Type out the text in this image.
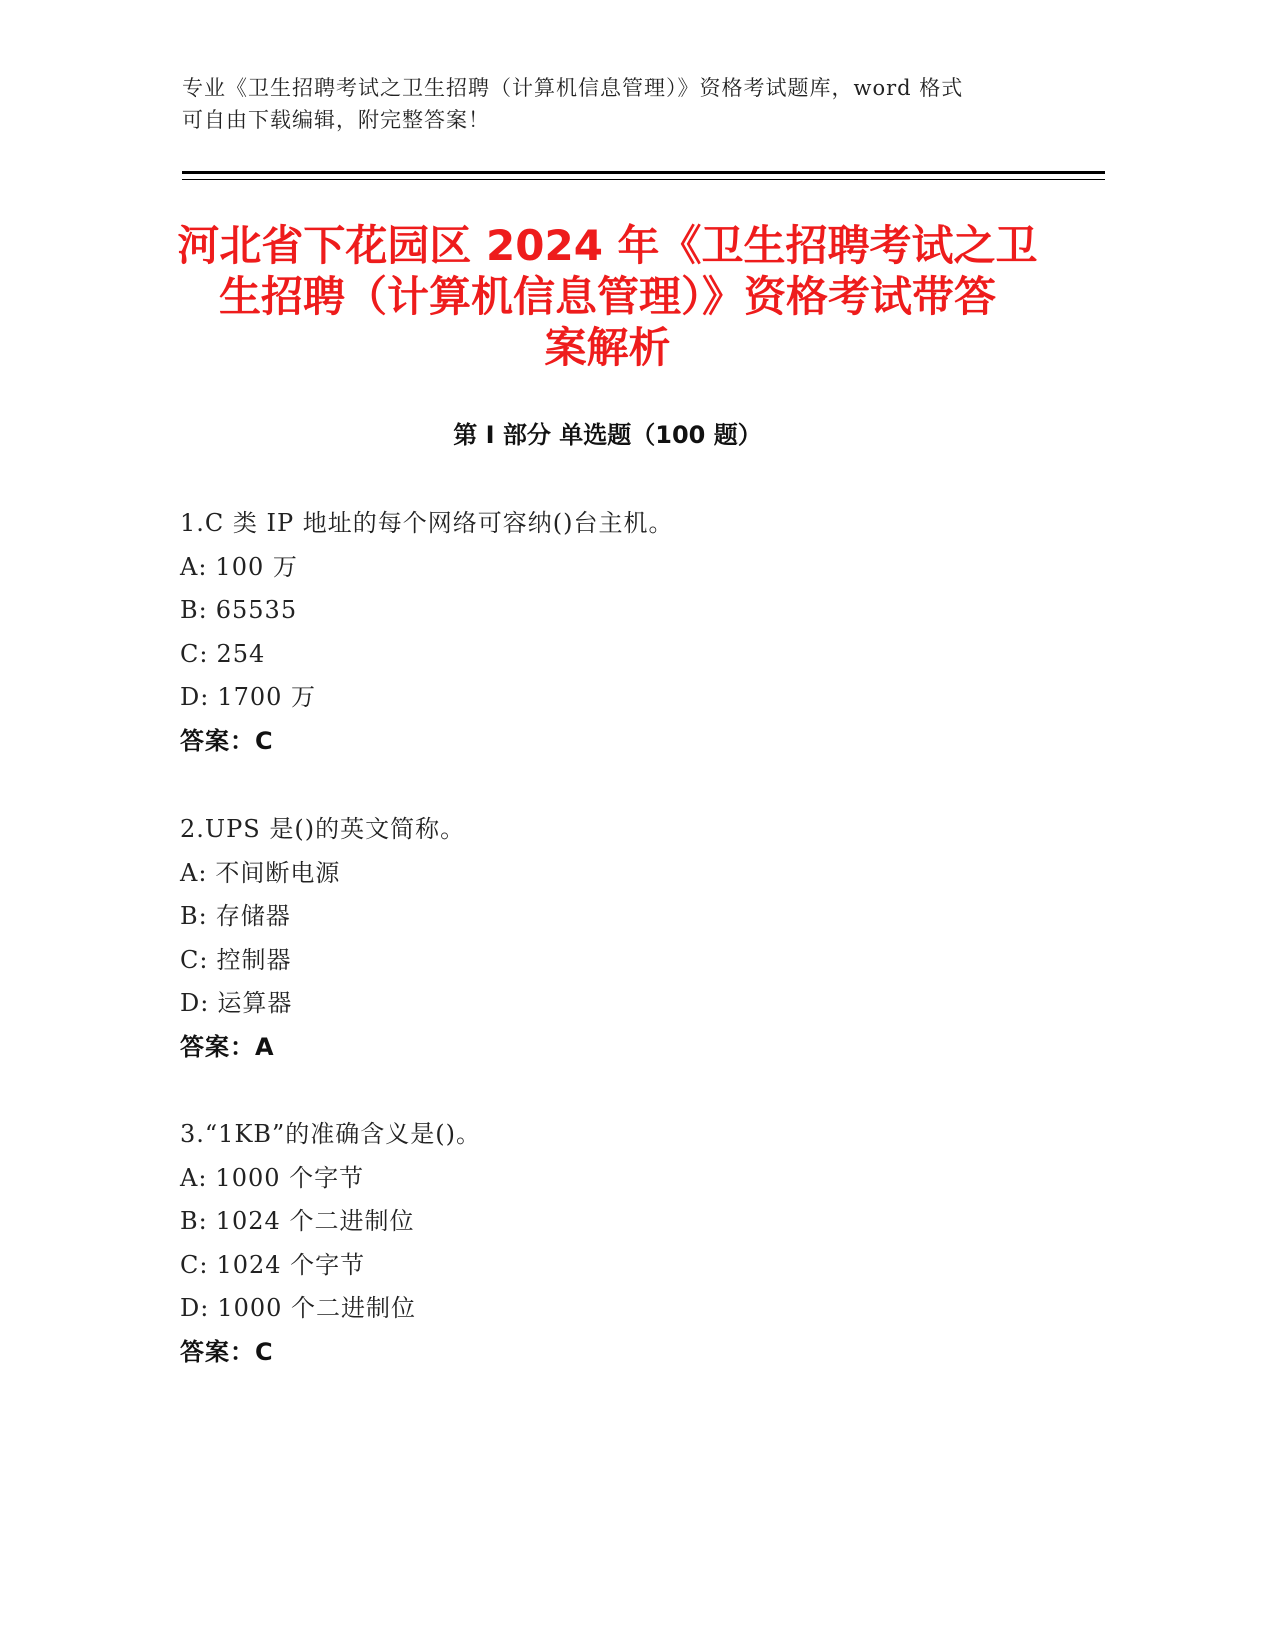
专业《卫生招聘考试之卫生招聘（计算机信息管理）》资格考试题库，word 格式
可自由下载编辑，附完整答案！
河北省下花园区 2024 年《卫生招聘考试之卫
生招聘（计算机信息管理）》资格考试带答
案解析
第 I 部分 单选题（100 题）
1.C 类 IP 地址的每个网络可容纳()台主机。
A: 100 万
B: 65535
C: 254
D: 1700 万
答案：C
2.UPS 是()的英文简称。
A: 不间断电源
B: 存储器
C: 控制器
D: 运算器
答案：A
3.“1KB”的准确含义是()。
A: 1000 个字节
B: 1024 个二进制位
C: 1024 个字节
D: 1000 个二进制位
答案：C
